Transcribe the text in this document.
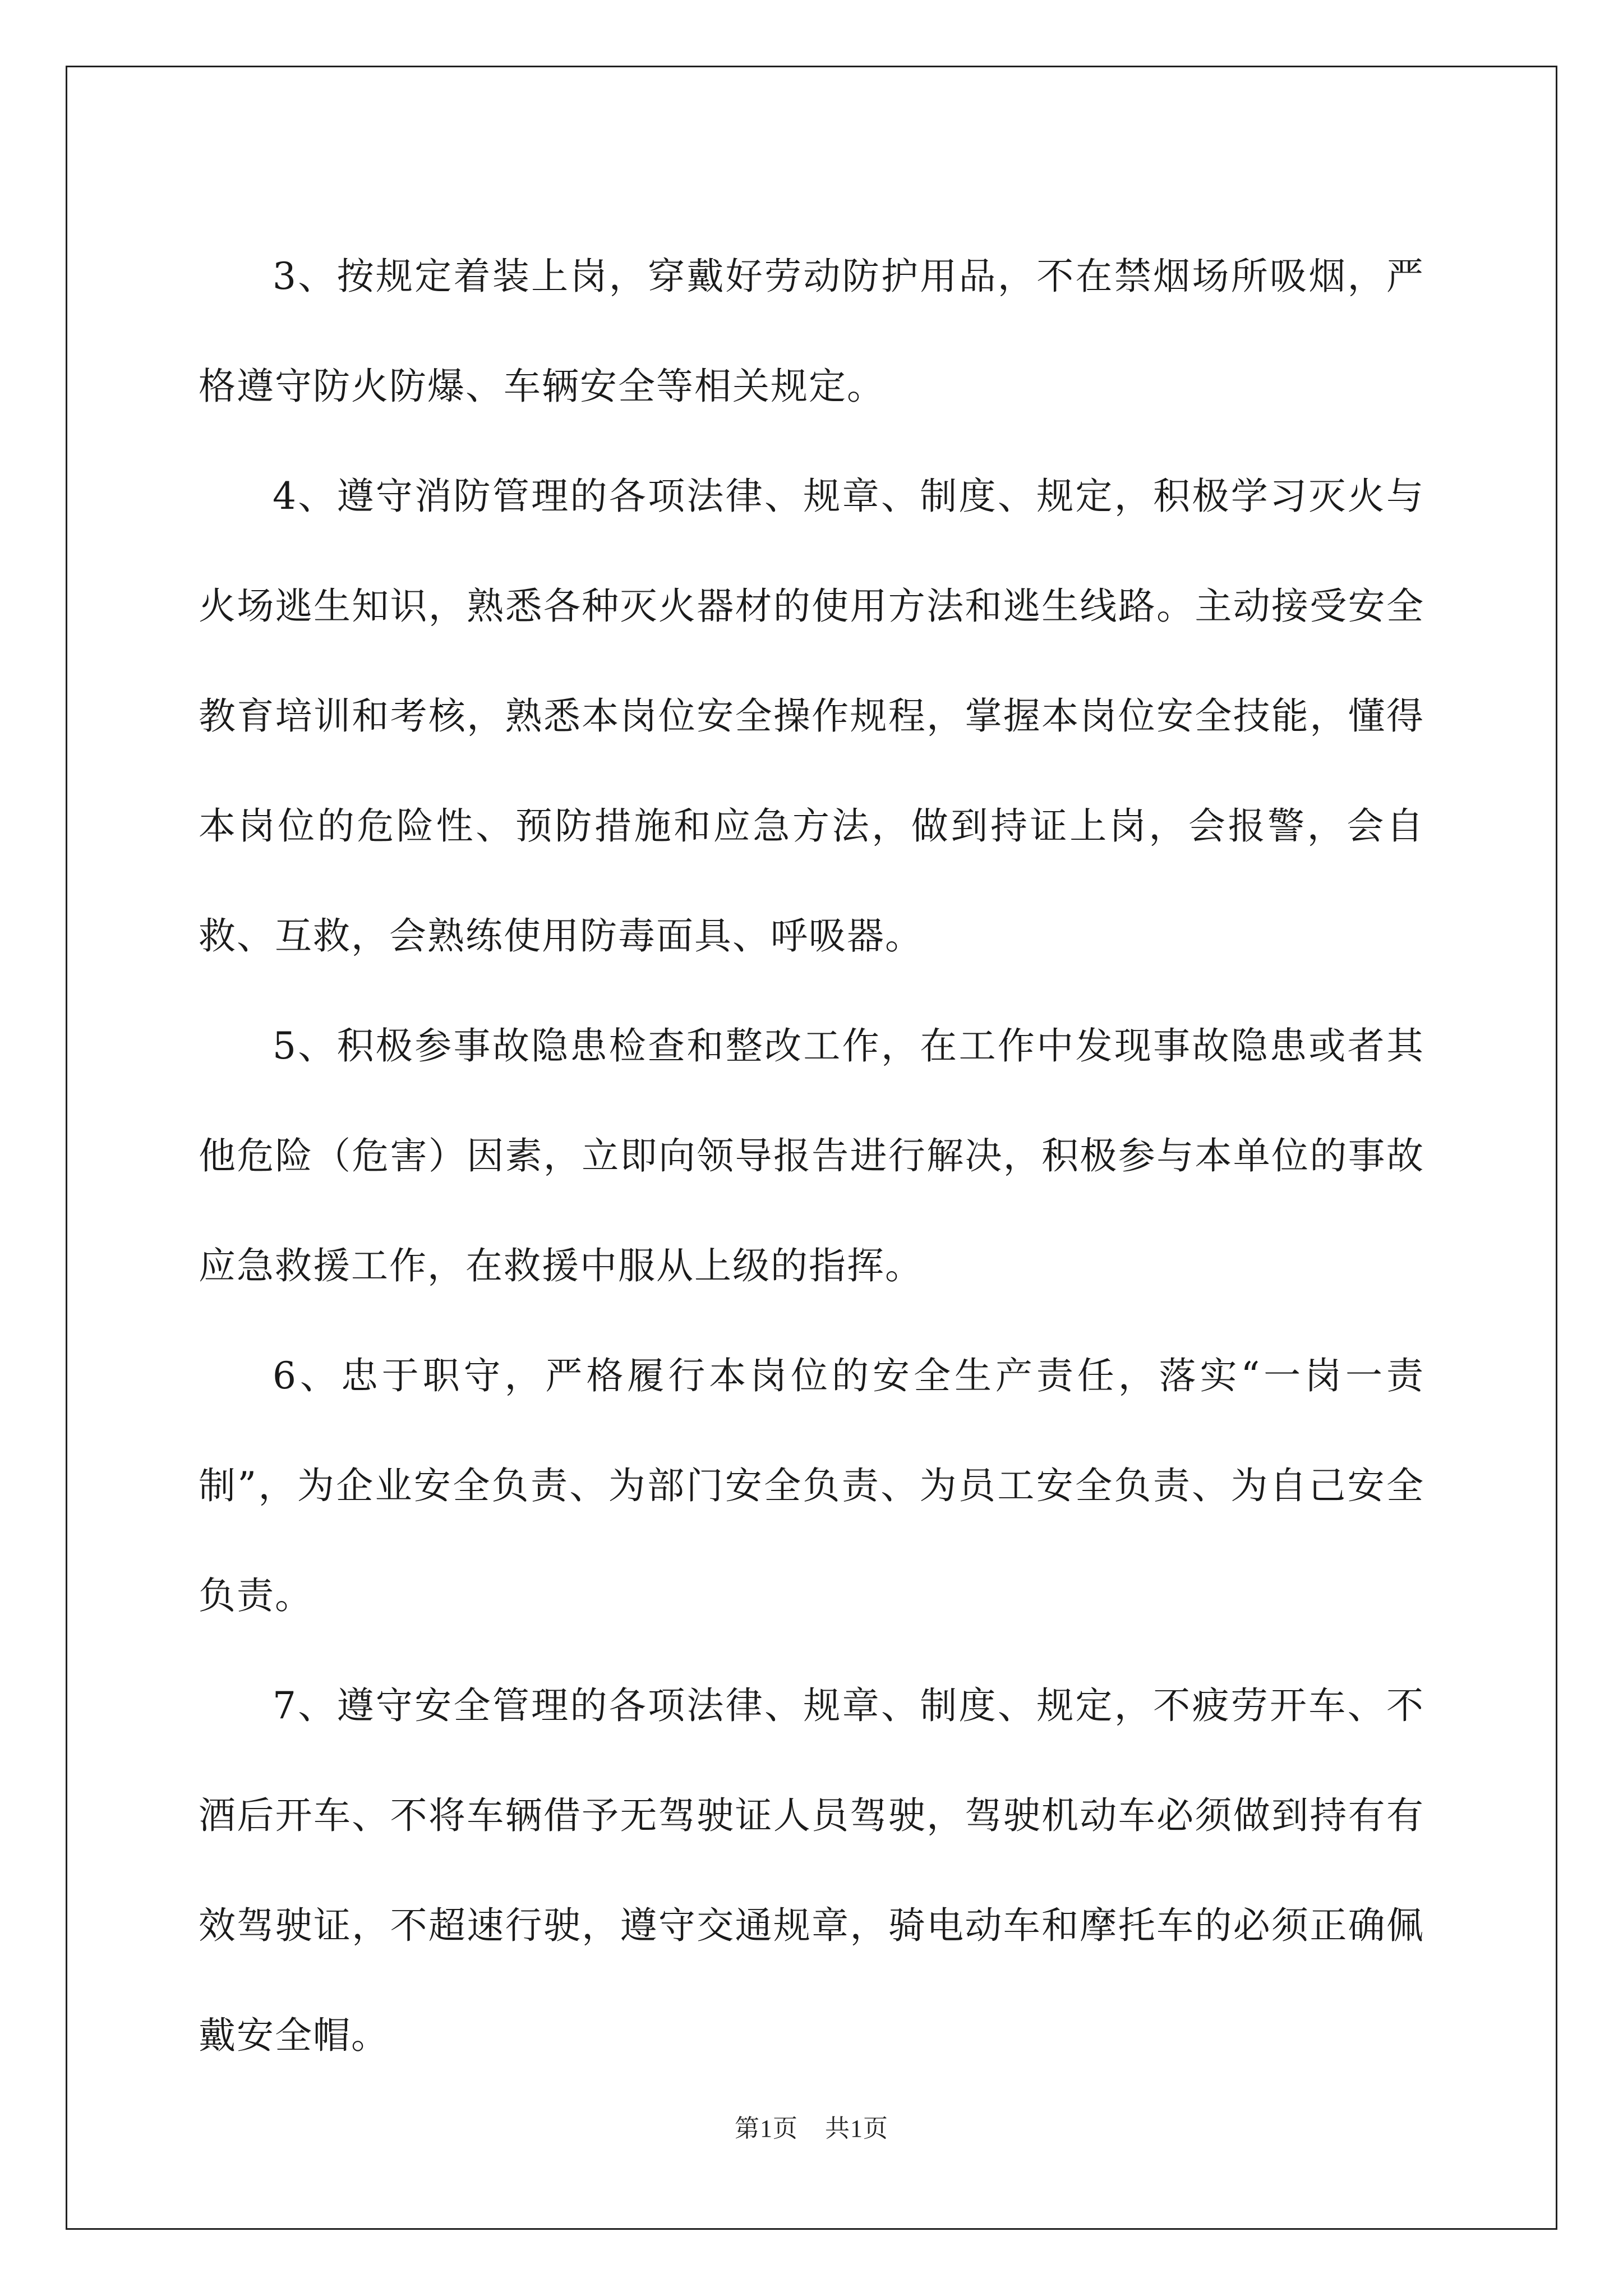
3、按规定着装上岗，穿戴好劳动防护用品，不在禁烟场所吸烟，严格遵守防火防爆、车辆安全等相关规定。

4、遵守消防管理的各项法律、规章、制度、规定，积极学习灭火与火场逃生知识，熟悉各种灭火器材的使用方法和逃生线路。主动接受安全教育培训和考核，熟悉本岗位安全操作规程，掌握本岗位安全技能，懂得本岗位的危险性、预防措施和应急方法，做到持证上岗，会报警，会自救、互救，会熟练使用防毒面具、呼吸器。

5、积极参事故隐患检查和整改工作，在工作中发现事故隐患或者其他危险（危害）因素，立即向领导报告进行解决，积极参与本单位的事故应急救援工作，在救援中服从上级的指挥。

6、忠于职守，严格履行本岗位的安全生产责任，落实“一岗一责制”，为企业安全负责、为部门安全负责、为员工安全负责、为自己安全负责。

7、遵守安全管理的各项法律、规章、制度、规定，不疲劳开车、不酒后开车、不将车辆借予无驾驶证人员驾驶，驾驶机动车必须做到持有有效驾驶证，不超速行驶，遵守交通规章，骑电动车和摩托车的必须正确佩戴安全帽。

第1页 共1页
